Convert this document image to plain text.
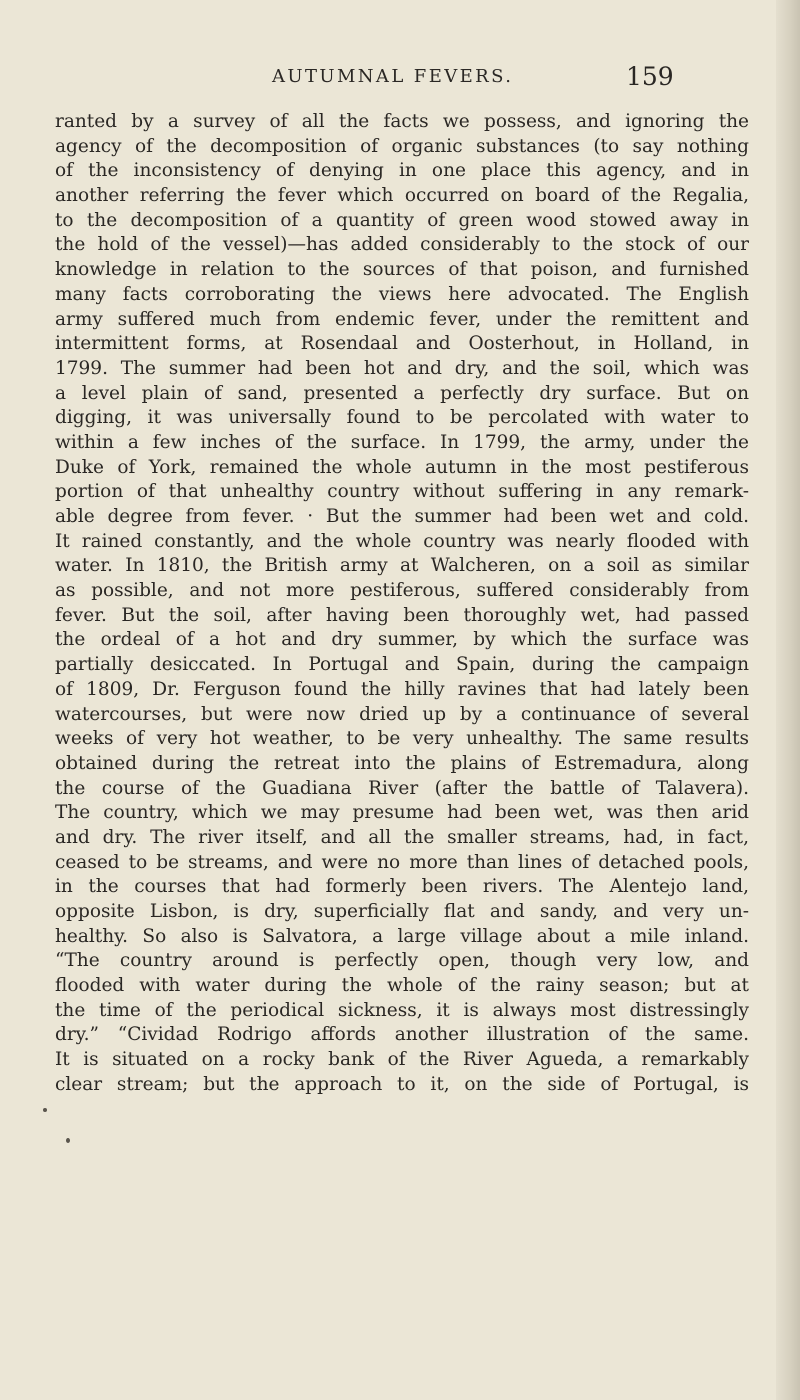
AUTUMNAL FEVERS.	159
ranted by a survey of all the facts we possess, and ignoring the
agency of the decomposition of organic substances (to say nothing
of the inconsistency of denying in one place this agency, and in
another referring the fever which occurred on board of the Regalia,
to the decomposition of a quantity of green wood stowed away in
the hold of the vessel)—has added considerably to the stock of our
knowledge in relation to the sources of that poison, and furnished
many facts corroborating the views here advocated. The English
army suffered much from endemic fever, under the remittent and
intermittent forms, at Rosendaal and Oosterhout, in Holland, in
1799. The summer had been hot and dry, and the soil, which was
a level plain of sand, presented a perfectly dry surface. But on
digging, it was universally found to be percolated with water to
within a few inches of the surface. In 1799, the army, under the
Duke of York, remained the whole autumn in the most pestiferous
portion of that unhealthy country without suffering in any remark-
able degree from fever. · But the summer had been wet and cold.
It rained constantly, and the whole country was nearly flooded with
water. In 1810, the British army at Walcheren, on a soil as similar
as possible, and not more pestiferous, suffered considerably from
fever. But the soil, after having been thoroughly wet, had passed
the ordeal of a hot and dry summer, by which the surface was
partially desiccated. In Portugal and Spain, during the campaign
of 1809, Dr. Ferguson found the hilly ravines that had lately been
watercourses, but were now dried up by a continuance of several
weeks of very hot weather, to be very unhealthy. The same results
obtained during the retreat into the plains of Estremadura, along
the course of the Guadiana River (after the battle of Talavera).
The country, which we may presume had been wet, was then arid
and dry. The river itself, and all the smaller streams, had, in fact,
ceased to be streams, and were no more than lines of detached pools,
in the courses that had formerly been rivers. The Alentejo land,
opposite Lisbon, is dry, superficially flat and sandy, and very un-
healthy. So also is Salvatora, a large village about a mile inland.
“The country around is perfectly open, though very low, and
flooded with water during the whole of the rainy season; but at
the time of the periodical sickness, it is always most distressingly
dry.” “Cividad Rodrigo affords another illustration of the same.
It is situated on a rocky bank of the River Agueda, a remarkably
clear stream; but the approach to it, on the side of Portugal, is
